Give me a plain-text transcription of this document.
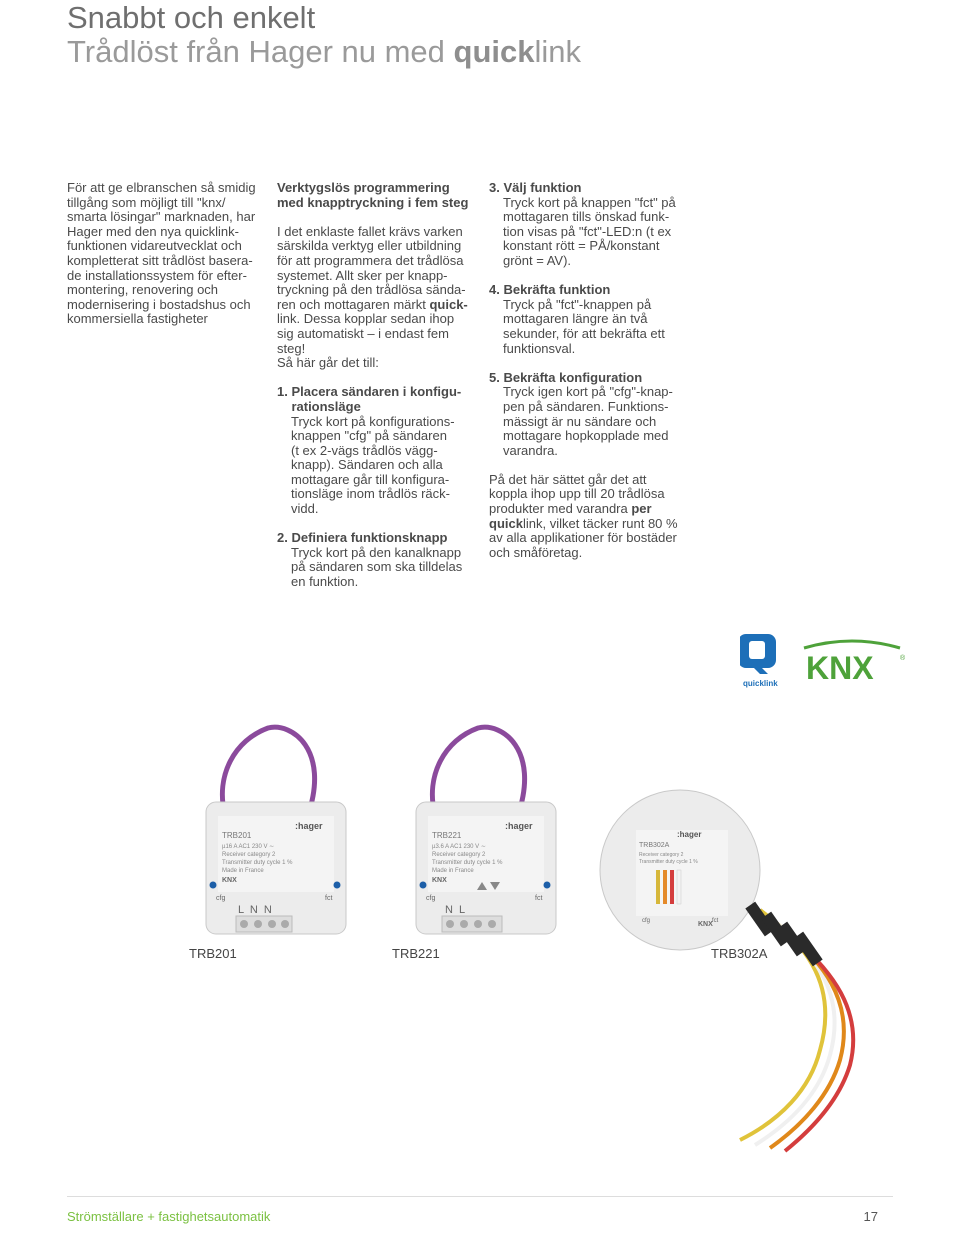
Snabbt och enkelt
Trådlöst från Hager nu med quicklink

För att ge elbranschen så smidig
tillgång som möjligt till "knx/
smarta lösingar" marknaden, har
Hager med den nya quicklink-
funktionen vidareutvecklat och
kompletterat sitt trådlöst basera-
de installationssystem för efter-
montering, renovering och
modernisering i bostadshus och
kommersiella fastigheter

Verktygslös programmering
med knapptryckning i fem steg

I det enklaste fallet krävs varken
särskilda verktyg eller utbildning
för att programmera det trådlösa
systemet. Allt sker per knapp-
tryckning på den trådlösa sända-
ren och mottagaren märkt quick-
link. Dessa kopplar sedan ihop
sig automatiskt – i endast fem
steg!
Så här går det till:

1. Placera sändaren i konfigu-
rationsläge

Tryck kort på konfigurations-
knappen "cfg" på sändaren
(t ex 2-vägs trådlös vägg-
knapp). Sändaren och alla
mottagare går till konfigura-
tionsläge inom trådlös räck-
vidd.

2. Definiera funktionsknapp

Tryck kort på den kanalknapp
på sändaren som ska tilldelas
en funktion.

3. Välj funktion

Tryck kort på knappen "fct" på
mottagaren tills önskad funk-
tion visas på "fct"-LED:n (t ex
konstant rött = PÅ/konstant
grönt = AV).

4. Bekräfta funktion

Tryck på "fct"-knappen på
mottagaren längre än två
sekunder, för att bekräfta ett
funktionsval.

5. Bekräfta konfiguration

Tryck igen kort på "cfg"-knap-
pen på sändaren. Funktions-
mässigt är nu sändare och
mottagare hopkopplade med
varandra.

På det här sättet går det att
koppla ihop upp till 20 trådlösa
produkter med varandra per
quicklink, vilket täcker runt 80 %
av alla applikationer för bostäder
och småföretag.

quicklink KNX	®
:hager
TRB201
µ16 A AC1 230 V ∼
Receiver category 2
Transmitter duty cycle 1 %
Made in France
KNX
cfg	fct
L  N  N
:hager
TRB221
µ3.6 A AC1 230 V ∼
Receiver category 2
Transmitter duty cycle 1 %
Made in France
KNX
cfg	fct
N  L
:hager
TRB302A
Receiver category 2
Transmitter duty cycle 1 %
cfg	fct
KNX
TRB201	TRB221	TRB302A
Strömställare + fastighetsautomatik	17
